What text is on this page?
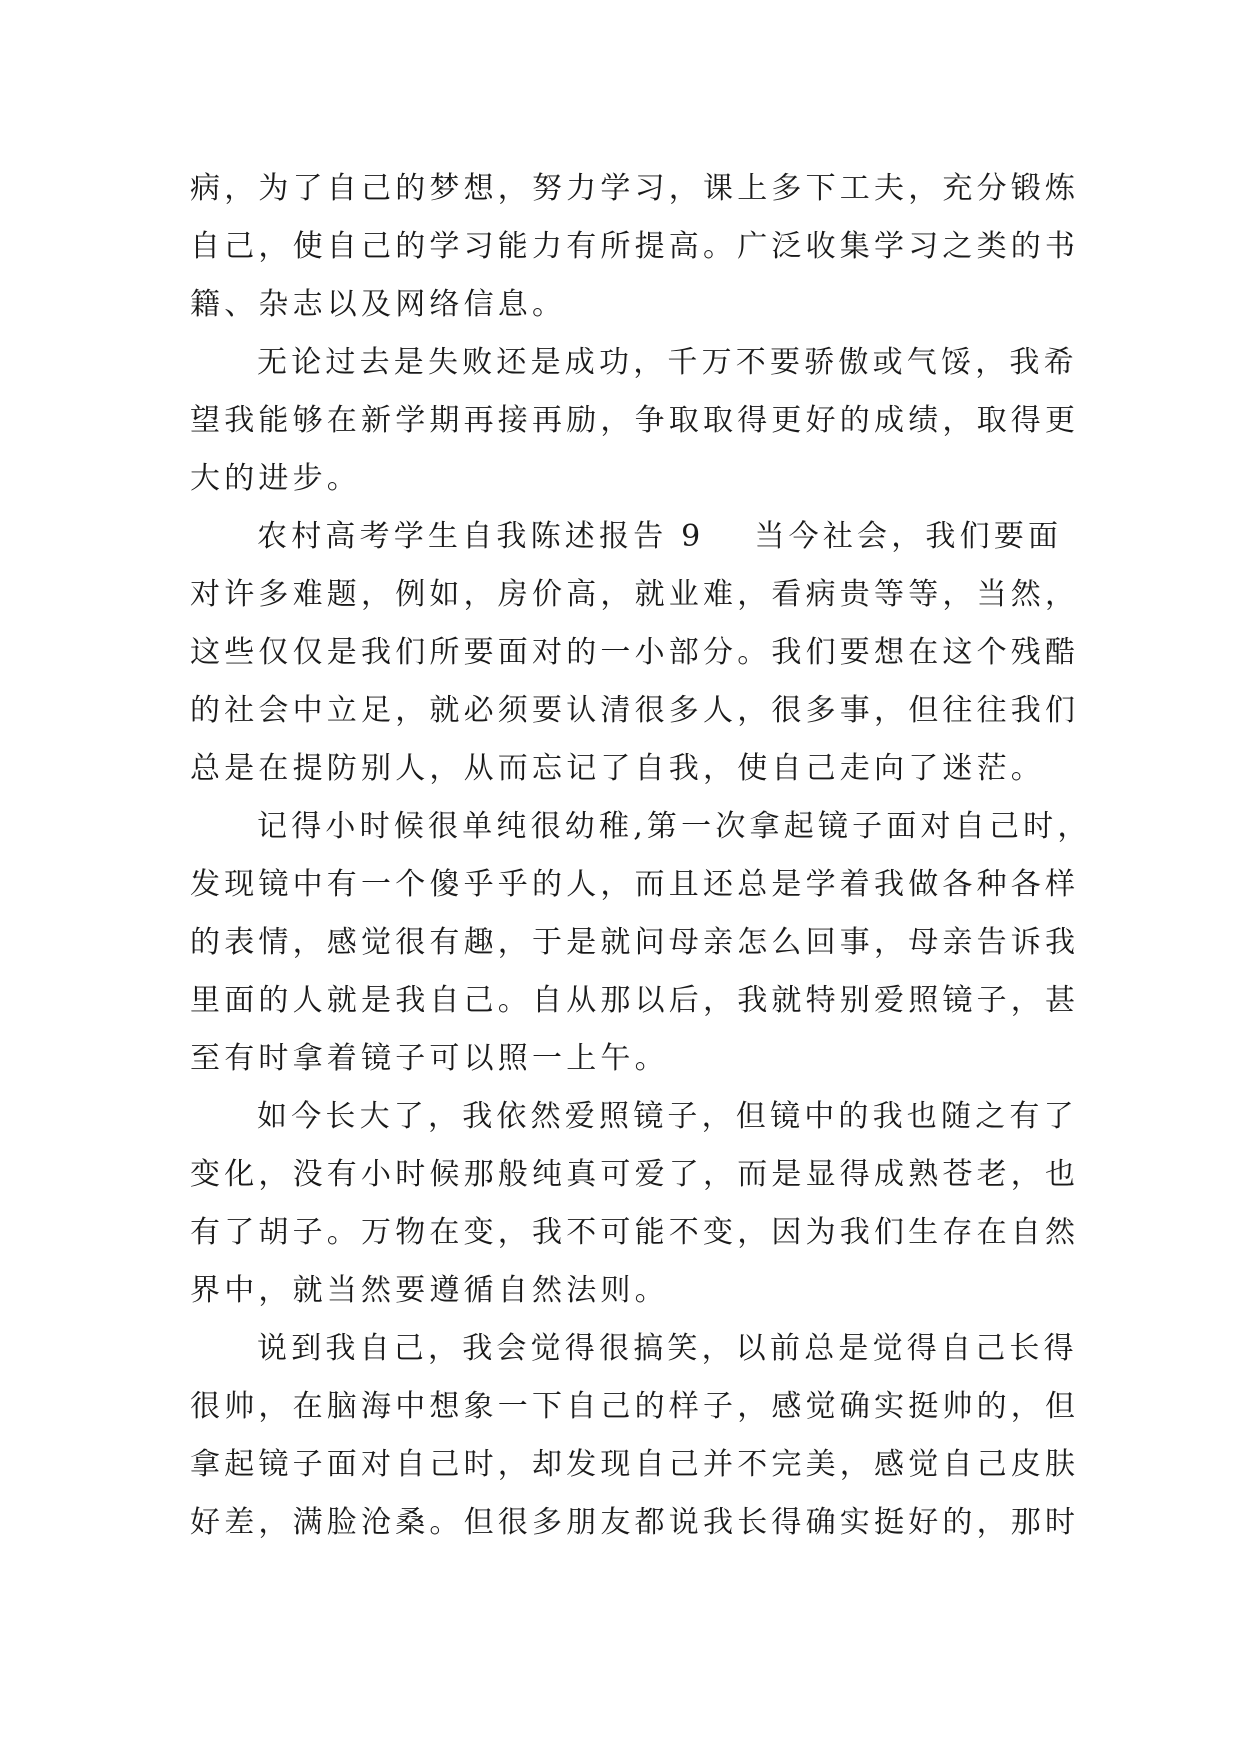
病，为了自己的梦想，努力学习，课上多下工夫，充分锻炼
自己，使自己的学习能力有所提高。广泛收集学习之类的书
籍、杂志以及网络信息。
无论过去是失败还是成功，千万不要骄傲或气馁，我希
望我能够在新学期再接再励，争取取得更好的成绩，取得更
大的进步。
农村高考学生自我陈述报告 9 当今社会，我们要面
对许多难题，例如，房价高，就业难，看病贵等等，当然，
这些仅仅是我们所要面对的一小部分。我们要想在这个残酷
的社会中立足，就必须要认清很多人，很多事，但往往我们
总是在提防别人，从而忘记了自我，使自己走向了迷茫。
记得小时候很单纯很幼稚,第一次拿起镜子面对自己时，
发现镜中有一个傻乎乎的人，而且还总是学着我做各种各样
的表情，感觉很有趣，于是就问母亲怎么回事，母亲告诉我
里面的人就是我自己。自从那以后，我就特别爱照镜子，甚
至有时拿着镜子可以照一上午。
如今长大了，我依然爱照镜子，但镜中的我也随之有了
变化，没有小时候那般纯真可爱了，而是显得成熟苍老，也
有了胡子。万物在变，我不可能不变，因为我们生存在自然
界中，就当然要遵循自然法则。
说到我自己，我会觉得很搞笑，以前总是觉得自己长得
很帅，在脑海中想象一下自己的样子，感觉确实挺帅的，但
拿起镜子面对自己时，却发现自己并不完美，感觉自己皮肤
好差，满脸沧桑。但很多朋友都说我长得确实挺好的，那时
